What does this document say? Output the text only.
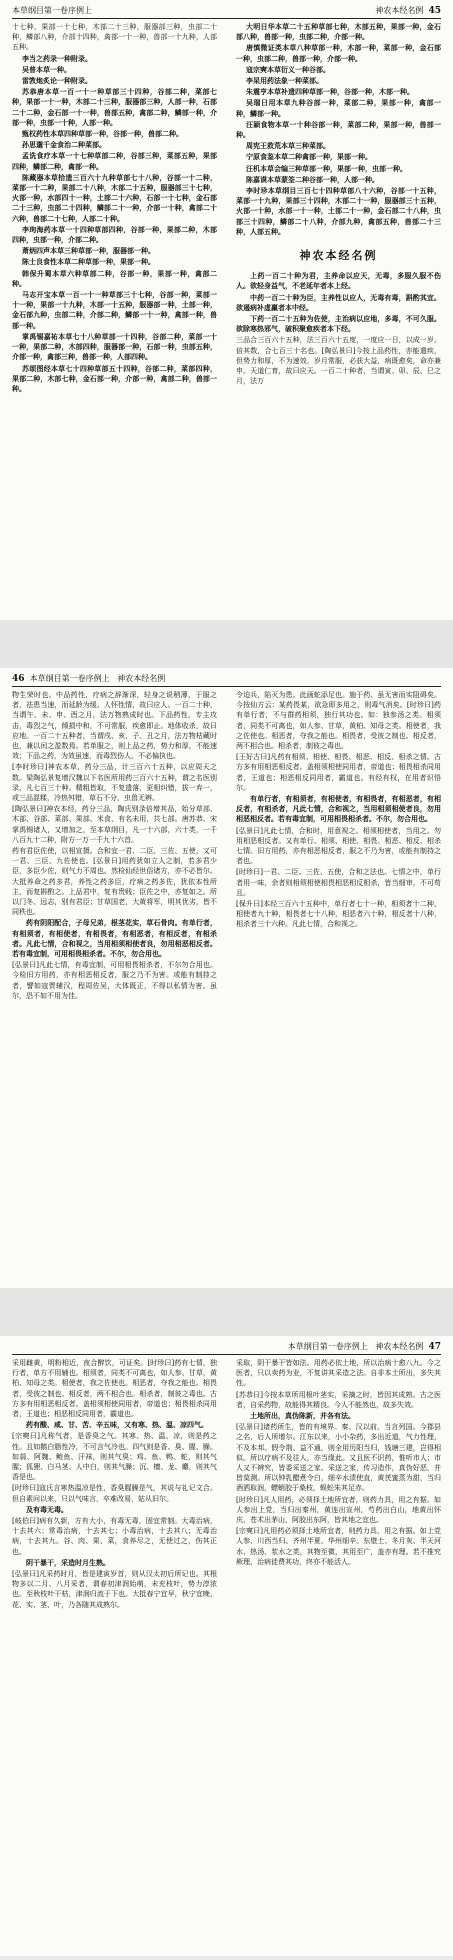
本草纲目第一卷序例上	神农本经名例 45

十七种，果部一十七种，木部二十三种，服器部三种，虫部二十种，鳞部八种，介部十四种，禽部一十一种，兽部一十九种，人部五种。

李当之药录一种附录。

吴普本草一种。

雷敩炮炙论一种附录。

苏恭唐本草一百一十一种草部三十四种，谷部二种，菜部七种，果部一十一种，木部二十三种，服器部三种，人部一种，石部二十二种，金石部一十一种，兽部五种，禽部二种，鳞部一种，介部一种，虫部一十种，人部一种。

甄权药性本草四种草部一种，谷部一种，兽部二种。

孙思邈千金食治二种菜部。

孟诜食疗本草一十七种草部二种，谷部三种，菜部五种，果部四种，鳞部二种，禽部一种。

陈藏器本草拾遗三百六十九种草部七十八种，谷部一十二种，菜部一十二种，果部二十八种，木部二十五种，服器部三十七种，火部一种，水部四十一种，土部二十六种，石部一十七种，金石部二十三种，虫部二十四种，鳞部二十一种，介部一十种，禽部二十六种，兽部二十七种，人部二十种。

李珣海药本草一十四种草部四种，谷部一种，果部二种，木部四种，虫部一种，介部二种。

萧炳四声本草三种草部一种，服器部一种。

陈士良食性本草二种草部一种，果部一种。

韩保升蜀本草六种草部二种，谷部一种，果部一种，禽部二种。

马志开宝本草一百一十一种草部三十七种，谷部一种，菜部一十一种，果部一十九种，木部一十五种，服器部一种，土部一种，金石部九种，虫部二种，介部二种，鳞部一十一种，禽部一种，兽部一种。

掌禹锡嘉祐本草七十八种草部一十四种，谷部二种，菜部一十一种，果部二种，木部四种，服器部一种，石部一种，虫部五种，介部一种，禽部三种，兽部一种，人部四种。

苏颂图经本草七十四种草部五十四种，谷部二种，菜部四种，果部二种，木部七种，金石部一种，介部一种，禽部二种，兽部一种。

大明日华本草二十五种草部七种，木部五种，果部一种，金石部八种，兽部一种，虫部二种，介部一种。

唐慎微证类本草八种草部一种，木部一种，菜部一种，金石部一种，虫部二种，兽部一种，介部一种。

寇宗奭本草衍义一种谷部。

李杲用药法象一种菜部。

朱震亨本草补遗四种草部一种，谷部一种，木部一种。

吴瑞日用本草九种谷部一种，菜部二种，果部一种，禽部一种，鳞部一种。

汪颖食物本草一十种谷部一种，菜部二种，果部一种，兽部一种。

周宪王救荒本草三种菜部。

宁原食鉴本草二种禽部一种，果部一种。

汪机本草会编三种草部一种，果部一种，虫部一种。

陈嘉谟本草蒙筌二种谷部一种，人部一种。

李时珍本草纲目三百七十四种草部八十六种，谷部一十五种，菜部一十九种，果部三十四种，木部二十一种，服器部三十五种，火部一十种，水部一十一种，土部二十一种，金石部二十八种，虫部三十四种，鳞部二十八种，介部九种，禽部五种，兽部二十三种，人部五种。

神农本经名例

上药一百二十种为君，主养命以应天，无毒，多服久服不伤人。欲轻身益气，不老延年者本上经。

中药一百二十种为臣，主养性以应人，无毒有毒，斟酌其宜。欲遏病补虚羸者本中经。

下药一百二十五种为佐使，主治病以应地，多毒，不可久服。欲除寒热邪气，破积聚愈疾者本下经。

三品合三百六十五种，法三百六十五度，一度应一日，以成一岁。倍其数，合七百三十名也。[陶弘景曰]今按上品药性，亦能遣疾，但势力和厚，不为速效，岁月常服，必获大益，病既愈矣，命亦兼申。天道仁育，故曰应天。一百二十种者，当谓寅、卯、辰、巳之月，法万

46 本草纲目第一卷序例上 神农本经名例

物生荣时也。中品药性，疗病之辞渐深，轻身之说稍薄，于服之者，祛患当速，而延龄为缓。人怀性情，故曰应人。一百二十种，当谓午、未、申、酉之月，法万物熟成时也。下品药性，专主攻击，毒烈之气，倾损中和，不可常服，疾愈即止。地体收杀，故曰应地。一百二十五种者，当谓戌、亥、子、丑之月，法万物枯藏时也，兼以闰之盈数焉。若单服之，则上品之药，势力和厚，不能速效；下品之药，为效虽速，而毒烈伤人，不必偏执也。

[李时珍曰]神农本草，药分三品，计三百六十五种，以应周天之数。梁陶弘景复增汉魏以下名医所用药三百六十五种，谓之名医别录，凡七百三十种。精粗皆取，不复遗落，更相纠错，拔一弃一，或三品混糅，冷热舛错，草石不分，虫兽无辨。

[陶弘景曰]神农本经，药分三品，陶氏别录倍增其品，始分草部、木部、谷部、菜部、果部、米食、有名未用，共七部。唐苏恭、宋掌禹锡诸人，又增加之，至本草纲目，凡一十六部，六十类，一千八百九十二种，附方一万一千九十六首。

药有君臣佐使，以相宣摄。合和宜一君、二臣、三佐、五使，又可一君、三臣、九佐使也。[弘景曰]用药犹如立人之制，若多君少臣，多臣少佐，则气力不周也。然检仙经世俗诸方，亦不必皆尔。大抵养命之药多君，养性之药多臣，疗病之药多佐，犹依本性所主，而复斟酌之。上品君中，复有贵贱；臣佐之中，亦复如之。所以门冬、远志，别有君臣；甘草国老，大黄将军，明其优劣，皆不同秩也。

药有阴阳配合，子母兄弟，根茎花实，草石骨肉。有单行者，有相须者，有相使者，有相畏者，有相恶者，有相反者，有相杀者。凡此七情，合和视之，当用相须相使者良，勿用相恶相反者。若有毒宜制，可用相畏相杀者。不尔，勿合用也。

[弘景曰]凡此七情，有毒宜制，可用相畏相杀者，不尔勿合用也。今检旧方用药，亦有相恶相反者，服之乃不为害。或能有制持之者，譬如寇贾辅汉，程周佐吴，大体既正，不得以私情为害。虽尔，恐不如不用为佳。

令迫兵，陷灭为患。此画蛇添足也。施于药、虽无害而实阻碍矣。今按仙方云：某药畏某，欲急即多用之，则毒气消矣。[时珍曰]药有单行者，不与群药相须，独行其功也。如：独参汤之类。相须者，同类不可离也，如人参、甘草，黄柏、知母之类。相使者，我之佐使也。相恶者，夺我之能也。相畏者，受彼之制也。相反者，两不相合也。相杀者，制彼之毒也。

[王好古曰]凡药有相须、相使、相畏、相恶、相反、相杀之情。古方多有用相恶相反者。盖相须相使同用者，帝道也；相畏相杀同用者，王道也；相恶相反同用者，霸道也。有经有权，在用者识悟尔。

有单行者，有相须者，有相使者，有相畏者，有相恶者，有相反者，有相杀者，凡此七情，合和视之，当用相须相使者良，勿用相恶相反者。若有毒宜制，可用相畏相杀者。不尔，勿合用也。

[弘景曰]凡此七情，合和时，用意视之。相须相使者，当用之。勿用相恶相反者。又有单行、相须、相使、相畏、相恶、相反、相杀七情。旧方用药，亦有相恶相反者，服之不乃为害，或能有制持之者也。

[时珍曰]一君、二臣、三佐、五使，合和之法也。七情之中，单行者用一味，余者则相须相使相畏相恶相反相杀，皆当细审，不可苟且。

[保升曰]本经三百六十五种中，单行者七十一种，相须者十二种，相使者九十种，相畏者七十八种，相恶者六十种，相反者十八种，相杀者三十六种。凡此七情，合和视之。

本草纲目第一卷序例上 神农本经名例 47

采用雌黄，明粉相近，夜合醉饮，可证矣。[时珍曰]药有七情，独行者，单方不用辅也。相须者，同类不可离也，如人参、甘草，黄柏、知母之类。相使者，我之佐使也。相恶者，夺我之能也。相畏者，受彼之制也。相反者，两不相合也。相杀者，制彼之毒也。古方多有用相恶相反者。盖相须相使同用者，帝道也；相畏相杀同用者，王道也；相恶相反同用者，霸道也。

药有酸、咸、甘、苦、辛五味，又有寒、热、温、凉四气。

[宗奭曰]凡称气者，是香臭之气。其寒、热、温、凉，则是药之性。且如鹅白脂性冷，不可言气冷也。四气则是香、臭、腥、臊。如蒜、阿魏、鲍鱼、汗袜，则其气臭；鸡、鱼、鸭、蛇，则其气腥；狐狸、白马茎、人中白，则其气臊；沉、檀、龙、麝，则其气香是也。

[时珍曰]寇氏言寒热温凉是性，香臭腥臊是气，其说与礼记文合。但自素问以来，只以气味言，卒难改易，姑从旧尔。

及有毒无毒。

[岐伯曰]病有久新，方有大小，有毒无毒，固宜常制。大毒治病，十去其六；常毒治病，十去其七；小毒治病，十去其八；无毒治病，十去其九。谷、肉、果、菜，食养尽之，无使过之，伤其正也。

阴干暴干，采造时月生熟。

[弘景曰]凡采药时月，皆是建寅岁首，则从汉太初后所记也。其根物多以二月、八月采者，谓春初津润始萌，未充枝叶，势力淳浓也。至秋枝叶干枯，津润归流于下也。大抵春宁宜早，秋宁宜晚，花、实、茎、叶，乃各随其成熟尔。

采取，阴干暴干皆如法。用药必依土地，所以治病十愈八九。今之医者，只以卖药为业，不复讲其采造之法。自非本土所出，多失其性。

[苏恭曰]今按本草所用根叶茎实，采摘之时，皆因其成熟。古之医者，自采药物，故能得其精良。今人不能然也，故多失效。

土地所出，真伪陈新，并各有法。

[弘景曰]诸药所生，皆的有境界。秦、汉以前，当言列国。今郡县之名，后人所增尔。江东以来，小小杂药，多出近道，气力性理，不及本邦。假令荆、益不通，则全用历阳当归，钱塘三建，岂得相似。所以疗病不及往人，亦当缘此。又且医不识药，惟听市人；市人又不辨究，皆委采送之家。采送之家，传习造作，真伪好恶，并皆莫测。所以钟乳醋煮令白，细辛水渍使直，黄芪蜜蒸为甜，当归酒洒取润，螵蛸胶于桑枝，蜈蚣朱其足赤。

[时珍曰]凡人用药，必须择土地所宜者，则药力具，用之有据。如人参出上党，当归出秦州，黄连出宣州，芍药出白山，地黄出怀庆，苍术出茅山，阿胶出东阿，皆其地之宜也。

[宗奭曰]凡用药必须择土地所宜者，则药力具，用之有据。如上党人参、川西当归、齐州半夏、华州细辛。东壁土、冬月灰、半天河水、热汤、浆水之类，其物至微，其用至广，盖亦有理。若不推究厥理，治病徒费其功，终亦不能活人。
